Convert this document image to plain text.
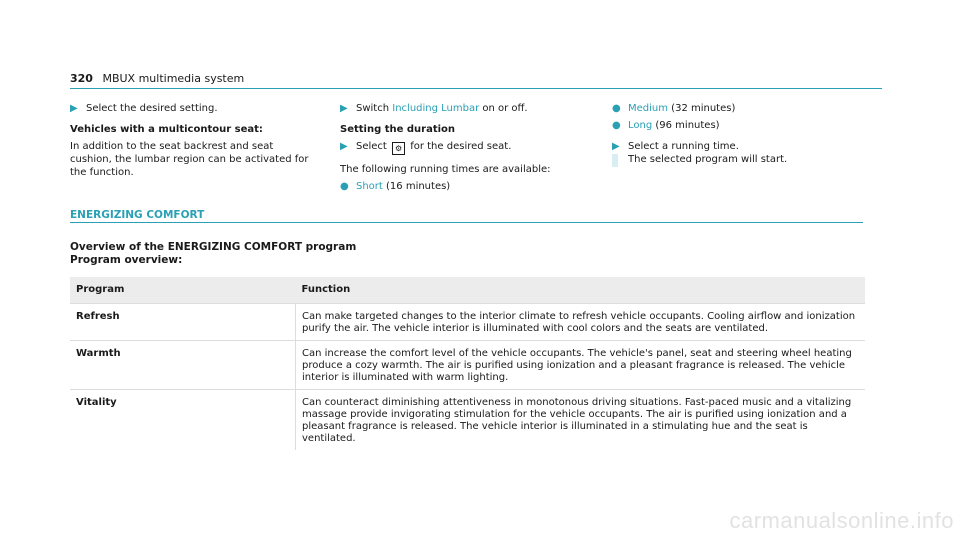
320 MBUX multimedia system
▶ Select the desired setting.
Vehicles with a multicontour seat:
In addition to the seat backrest and seat cushion, the lumbar region can be activated for the function.
▶ Switch Including Lumbar on or off.
Setting the duration
▶ Select ⚙ for the desired seat.
The following running times are available:
● Short (16 minutes)
● Medium (32 minutes)
● Long (96 minutes)
▶ Select a running time.
The selected program will start.
ENERGIZING COMFORT
Overview of the ENERGIZING COMFORT program
Program overview:
Program	Function
Refresh	Can make targeted changes to the interior climate to refresh vehicle occupants. Cooling airflow and ionization purify the air. The vehicle interior is illuminated with cool colors and the seats are ventilated.
Warmth	Can increase the comfort level of the vehicle occupants. The vehicle's panel, seat and steering wheel heating produce a cozy warmth. The air is purified using ionization and a pleasant fragrance is released. The vehicle interior is illuminated with warm lighting.
Vitality	Can counteract diminishing attentiveness in monotonous driving situations. Fast-paced music and a vitalizing massage provide invigorating stimulation for the vehicle occupants. The air is purified using ionization and a pleasant fragrance is released. The vehicle interior is illuminated in a stimulating hue and the seat is ventilated.
carmanualsonline.info
